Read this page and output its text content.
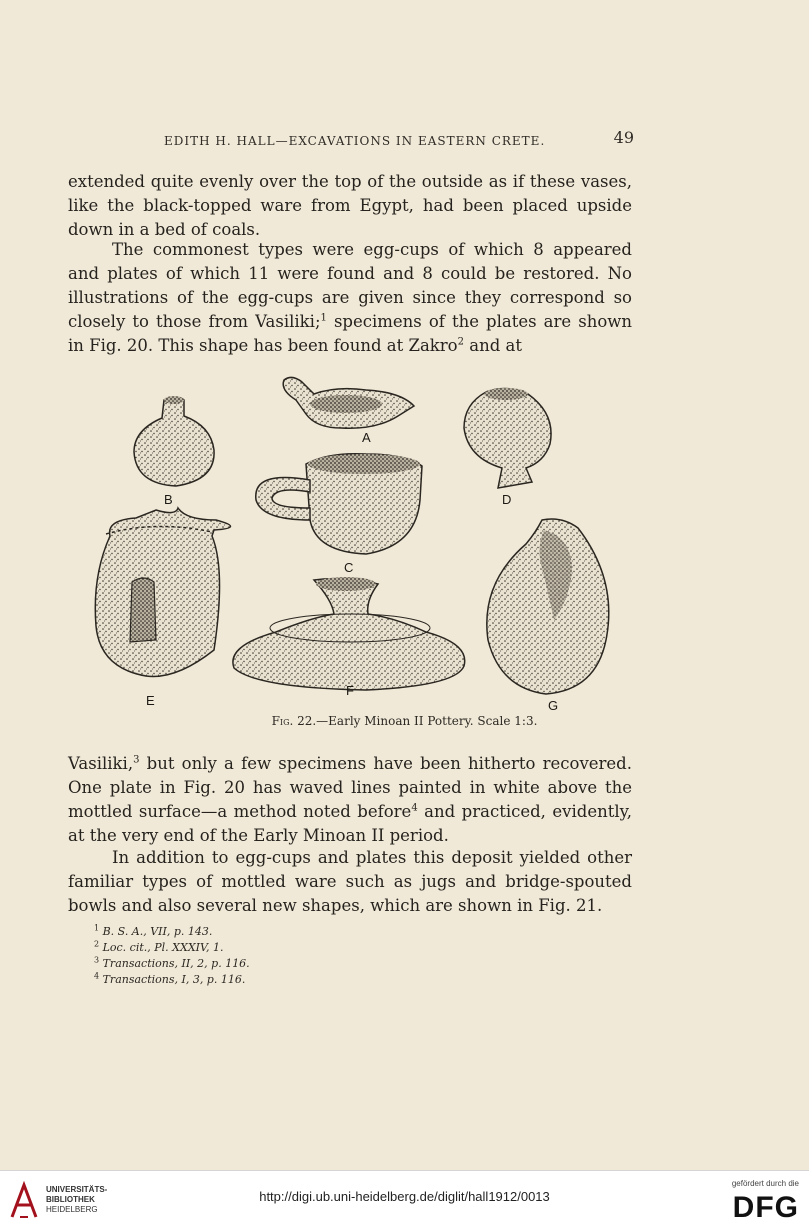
EDITH H. HALL—EXCAVATIONS IN EASTERN CRETE.	49

extended quite evenly over the top of the outside as if these vases, like the black-topped ware from Egypt, had been placed upside down in a bed of coals.

The commonest types were egg-cups of which 8 appeared and plates of which 11 were found and 8 could be restored. No illustrations of the egg-cups are given since they correspond so closely to those from Vasiliki;$^1$ specimens of the plates are shown in Fig. 20. This shape has been found at Zakro$^2$ and at

A
B
C
D
E
F
G
Fig. 22.—Early Minoan II Pottery. Scale 1:3.

Vasiliki,$^3$ but only a few specimens have been hitherto recovered. One plate in Fig. 20 has waved lines painted in white above the mottled surface—a method noted before$^4$ and practiced, evidently, at the very end of the Early Minoan II period.

In addition to egg-cups and plates this deposit yielded other familiar types of mottled ware such as jugs and bridge-spouted bowls and also several new shapes, which are shown in Fig. 21.

$^1$ B. S. A., VII, p. 143.
$^2$ Loc. cit., Pl. XXXIV, 1.
$^3$ Transactions, II, 2, p. 116.
$^4$ Transactions, I, 3, p. 116.
UNIVERSITÄTS-
BIBLIOTHEK
HEIDELBERG
http://digi.ub.uni-heidelberg.de/diglit/hall1912/0013
gefördert durch die
DFG
